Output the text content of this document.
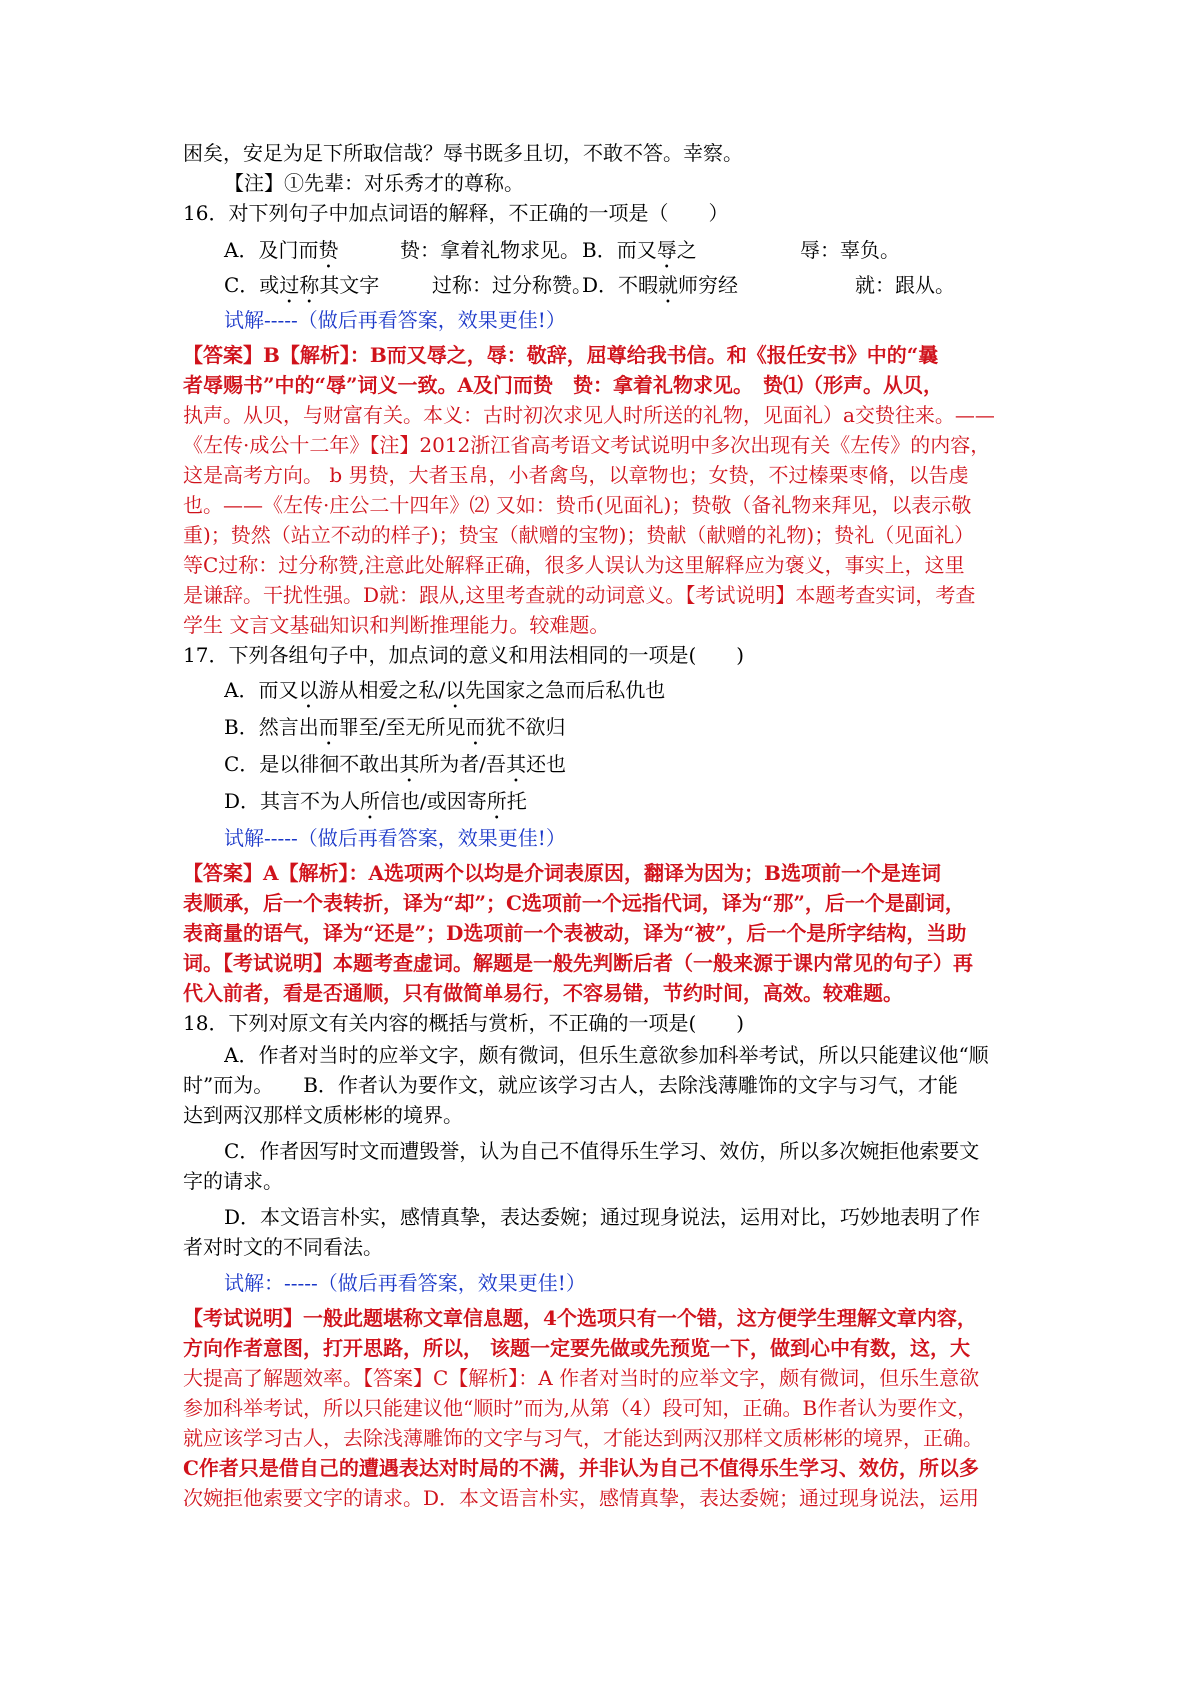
困矣，安足为足下所取信哉？辱书既多且切，不敢不答。幸察。
【注】①先辈：对乐秀才的尊称。
16．对下列句子中加点词语的解释，不正确的一项是（　　）
A．及门而贽	贽：拿着礼物求见。 B．而又辱之	辱：辜负。
C．或过称其文字	过称：过分称赞。
D．不暇就师穷经	就：跟从。
试解-----（做后再看答案，效果更佳!）
【答案】B【解析】：B而又辱之，辱：敬辞，屈尊给我书信。和《报任安书》中的“曩
者辱赐书”中的“辱”词义一致。A及门而贽　贽：拿着礼物求见。　贽⑴（形声。从贝，
执声。从贝，与财富有关。本义：古时初次求见人时所送的礼物，见面礼）a交贽往来。——
《左传·成公十二年》【注】2012浙江省高考语文考试说明中多次出现有关《左传》的内容，
这是高考方向。 b 男贽，大者玉帛，小者禽鸟，以章物也；女贽，不过榛栗枣脩，以告虔
也。——《左传·庄公二十四年》⑵ 又如：贽币(见面礼)；贽敬（备礼物来拜见，以表示敬
重)；贽然（站立不动的样子)；贽宝（献赠的宝物)；贽献（献赠的礼物)；贽礼（见面礼）
等C过称：过分称赞,注意此处解释正确，很多人误认为这里解释应为褒义，事实上，这里
是谦辞。干扰性强。D就：跟从,这里考查就的动词意义。【考试说明】本题考查实词，考查
学生 文言文基础知识和判断推理能力。较难题。
17．下列各组句子中，加点词的意义和用法相同的一项是(　　)
A．而又以游从相爱之私/以先国家之急而后私仇也
B．然言出而罪至/至无所见而犹不欲归
C．是以徘徊不敢出其所为者/吾其还也
D．其言不为人所信也/或因寄所托
试解-----（做后再看答案，效果更佳!）
【答案】A【解析】：A选项两个以均是介词表原因，翻译为因为；B选项前一个是连词
表顺承，后一个表转折，译为“却”；C选项前一个远指代词，译为“那”，后一个是副词，
表商量的语气，译为“还是”；D选项前一个表被动，译为“被”，后一个是所字结构，当助
词。【考试说明】本题考查虚词。解题是一般先判断后者（一般来源于课内常见的句子）再
代入前者，看是否通顺，只有做简单易行，不容易错，节约时间，高效。较难题。
18．下列对原文有关内容的概括与赏析，不正确的一项是(　　)
A．作者对当时的应举文字，颇有微词，但乐生意欲参加科举考试，所以只能建议他“顺
时”而为。　　B．作者认为要作文，就应该学习古人，去除浅薄雕饰的文字与习气，才能
达到两汉那样文质彬彬的境界。
C．作者因写时文而遭毁誉，认为自己不值得乐生学习、效仿，所以多次婉拒他索要文
字的请求。
D．本文语言朴实，感情真挚，表达委婉；通过现身说法，运用对比，巧妙地表明了作
者对时文的不同看法。
试解：-----（做后再看答案，效果更佳!）
【考试说明】一般此题堪称文章信息题，4个选项只有一个错，这方便学生理解文章内容，
方向作者意图，打开思路，所以， 该题一定要先做或先预览一下，做到心中有数，这，大
大提高了解题效率。【答案】C【解析】：A 作者对当时的应举文字，颇有微词，但乐生意欲
参加科举考试，所以只能建议他“顺时”而为,从第（4）段可知，正确。B作者认为要作文，
就应该学习古人，去除浅薄雕饰的文字与习气，才能达到两汉那样文质彬彬的境界，正确。
C作者只是借自己的遭遇表达对时局的不满，并非认为自己不值得乐生学习、效仿，所以多
次婉拒他索要文字的请求。D．本文语言朴实，感情真挚，表达委婉；通过现身说法，运用
